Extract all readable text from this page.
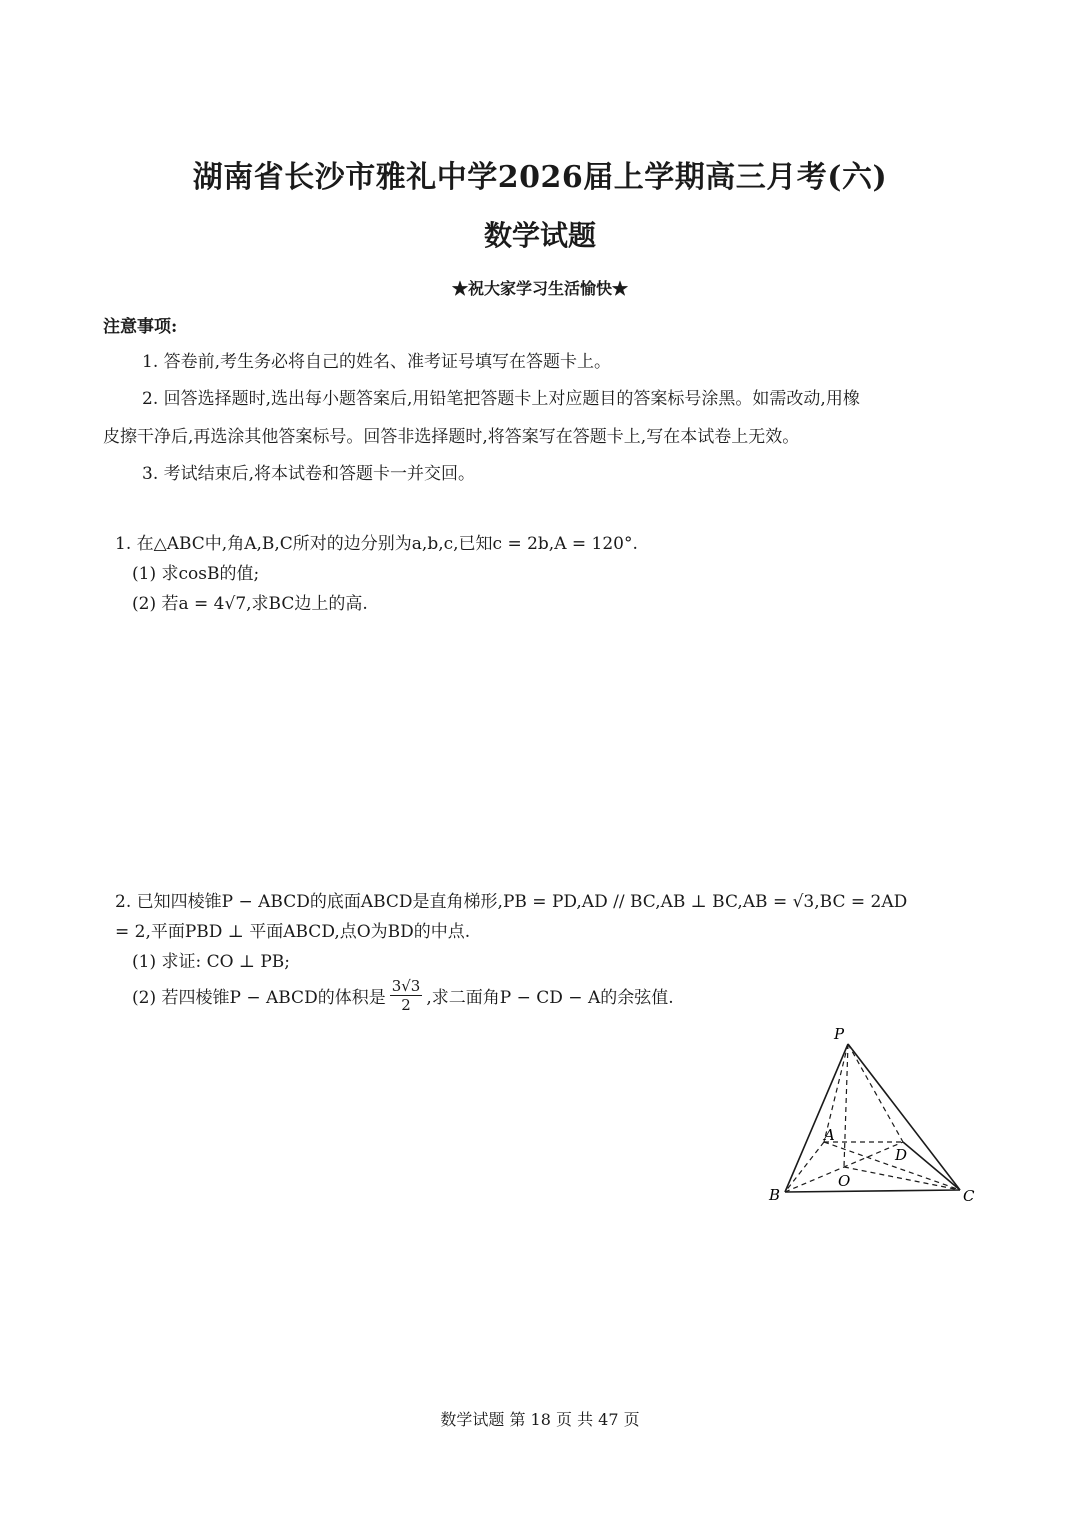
湖南省长沙市雅礼中学2026届上学期高三月考(六)
数学试题
★祝大家学习生活愉快★
注意事项:
1. 答卷前,考生务必将自己的姓名、准考证号填写在答题卡上。
2. 回答选择题时,选出每小题答案后,用铅笔把答题卡上对应题目的答案标号涂黑。如需改动,用橡
皮擦干净后,再选涂其他答案标号。回答非选择题时,将答案写在答题卡上,写在本试卷上无效。
3. 考试结束后,将本试卷和答题卡一并交回。
1. 在△ABC中,角A,B,C所对的边分别为a,b,c,已知c = 2b,A = 120°.
(1) 求cosB的值;
(2) 若a = 4√7,求BC边上的高.
2. 已知四棱锥P − ABCD的底面ABCD是直角梯形,PB = PD,AD // BC,AB ⊥ BC,AB = √3,BC = 2AD
= 2,平面PBD ⊥ 平面ABCD,点O为BD的中点.
(1) 求证: CO ⊥ PB;
(2) 若四棱锥P − ABCD的体积是 $\frac{3√3}{2}$ ,求二面角P − CD − A的余弦值.
P
A
D
O
B	C
数学试题 第 18 页 共 47 页
